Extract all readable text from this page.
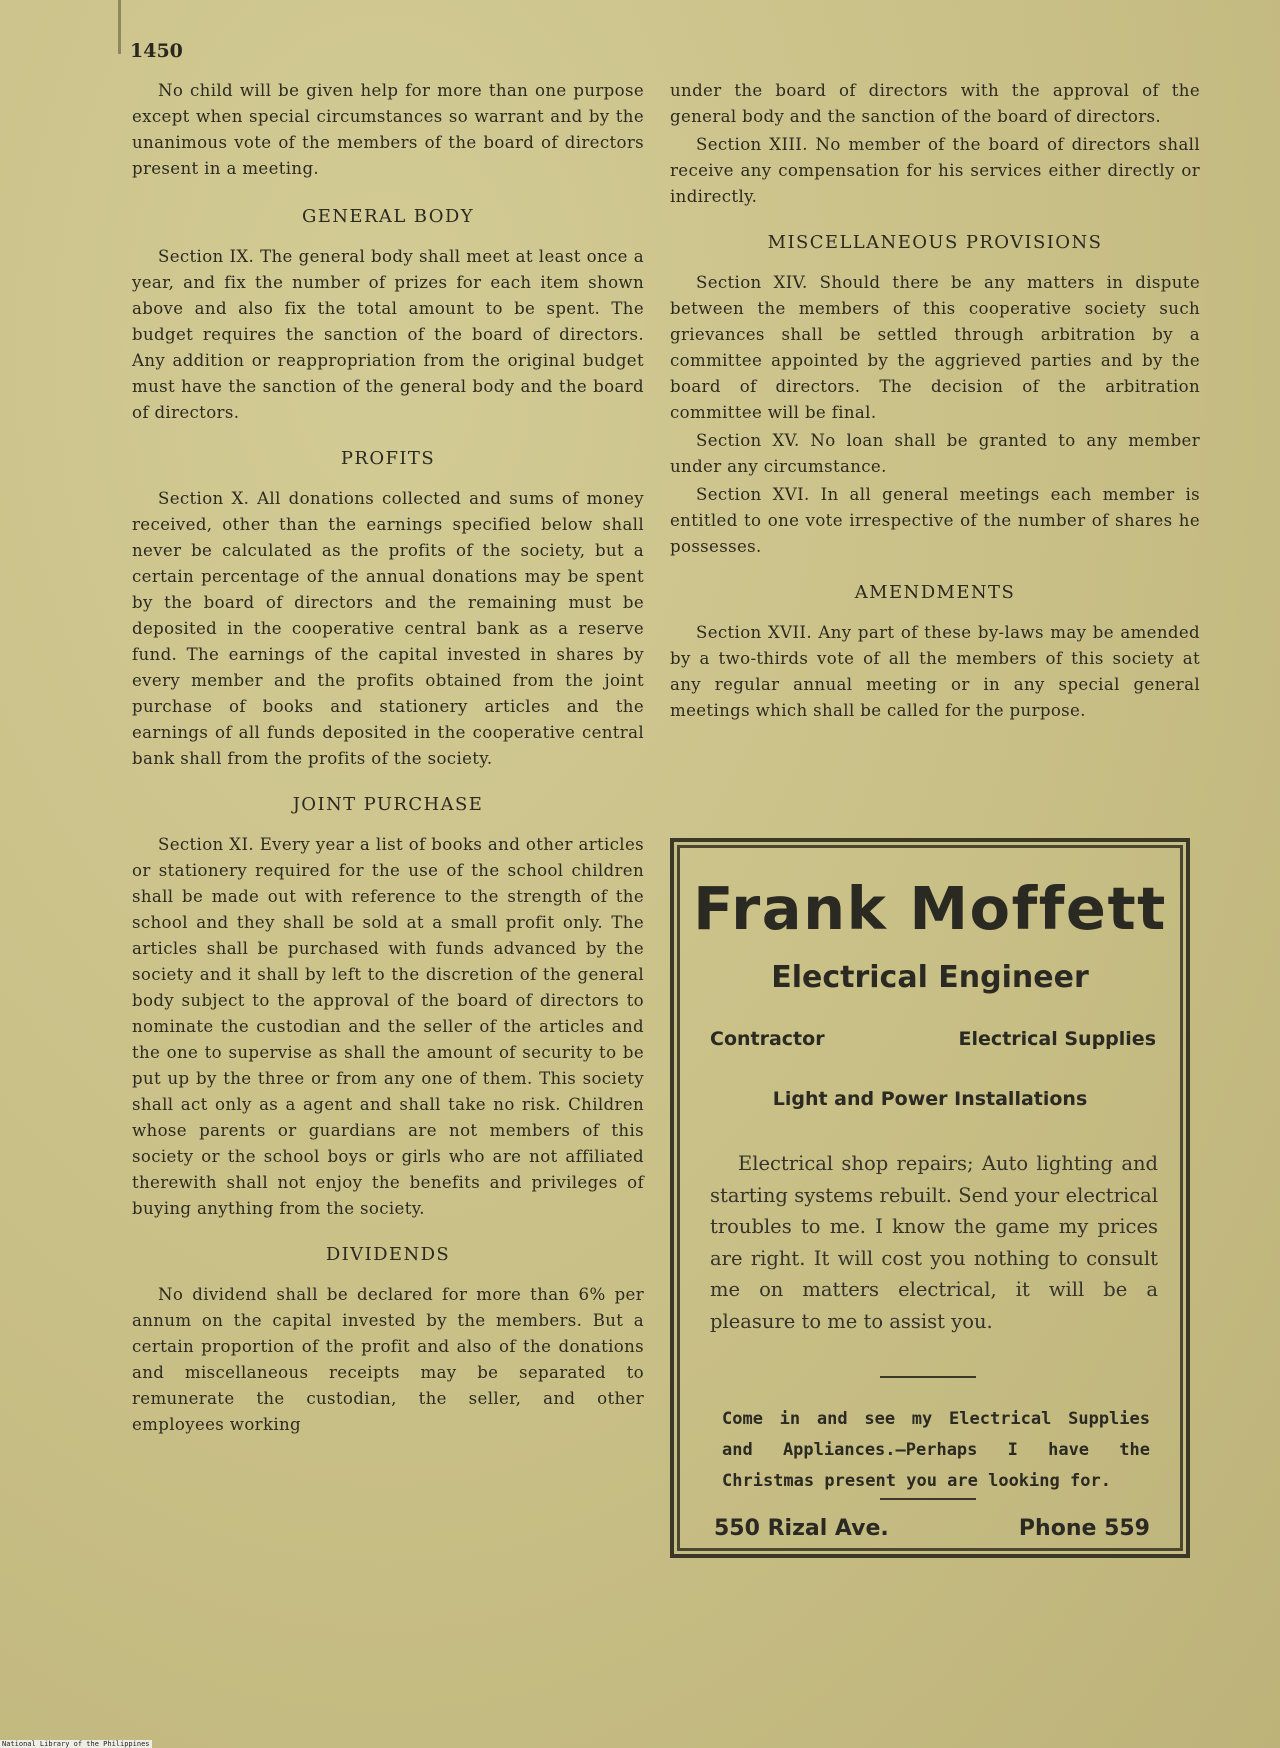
1450

No child will be given help for more than one purpose except when special circumstances so warrant and by the unanimous vote of the members of the board of directors present in a meeting.

GENERAL BODY

Section IX. The general body shall meet at least once a year, and fix the number of prizes for each item shown above and also fix the total amount to be spent. The budget requires the sanction of the board of directors. Any addition or reappropriation from the original budget must have the sanction of the general body and the board of directors.

PROFITS

Section X. All donations collected and sums of money received, other than the earnings specified below shall never be calculated as the profits of the society, but a certain percentage of the annual donations may be spent by the board of directors and the remaining must be deposited in the cooperative central bank as a reserve fund. The earnings of the capital invested in shares by every member and the profits obtained from the joint purchase of books and stationery articles and the earnings of all funds deposited in the cooperative central bank shall from the profits of the society.

JOINT PURCHASE

Section XI. Every year a list of books and other articles or stationery required for the use of the school children shall be made out with reference to the strength of the school and they shall be sold at a small profit only. The articles shall be purchased with funds advanced by the society and it shall by left to the discretion of the general body subject to the approval of the board of directors to nominate the custodian and the seller of the articles and the one to supervise as shall the amount of security to be put up by the three or from any one of them. This society shall act only as a agent and shall take no risk. Children whose parents or guardians are not members of this society or the school boys or girls who are not affiliated therewith shall not enjoy the benefits and privileges of buying anything from the society.

DIVIDENDS

No dividend shall be declared for more than 6% per annum on the capital invested by the members. But a certain proportion of the profit and also of the donations and miscellaneous receipts may be separated to remunerate the custodian, the seller, and other employees working

under the board of directors with the approval of the general body and the sanction of the board of directors.

Section XIII. No member of the board of directors shall receive any compensation for his services either directly or indirectly.

MISCELLANEOUS PROVISIONS

Section XIV. Should there be any matters in dispute between the members of this cooperative society such grievances shall be settled through arbitration by a committee appointed by the aggrieved parties and by the board of directors. The decision of the arbitration committee will be final.

Section XV. No loan shall be granted to any member under any circumstance.

Section XVI. In all general meetings each member is entitled to one vote irrespective of the number of shares he possesses.

AMENDMENTS

Section XVII. Any part of these by-laws may be amended by a two-thirds vote of all the members of this society at any regular annual meeting or in any special general meetings which shall be called for the purpose.

Frank Moffett
Electrical Engineer
Contractor	Electrical Supplies
Light and Power Installations
Electrical shop repairs; Auto lighting and starting systems rebuilt. Send your electrical troubles to me. I know the game my prices are right. It will cost you nothing to consult me on matters electrical, it will be a pleasure to me to assist you.
Come in and see my Electrical Supplies and Appliances.—Perhaps I have the Christmas present you are looking for.
550 Rizal Ave.	Phone 559
National Library of the Philippines
